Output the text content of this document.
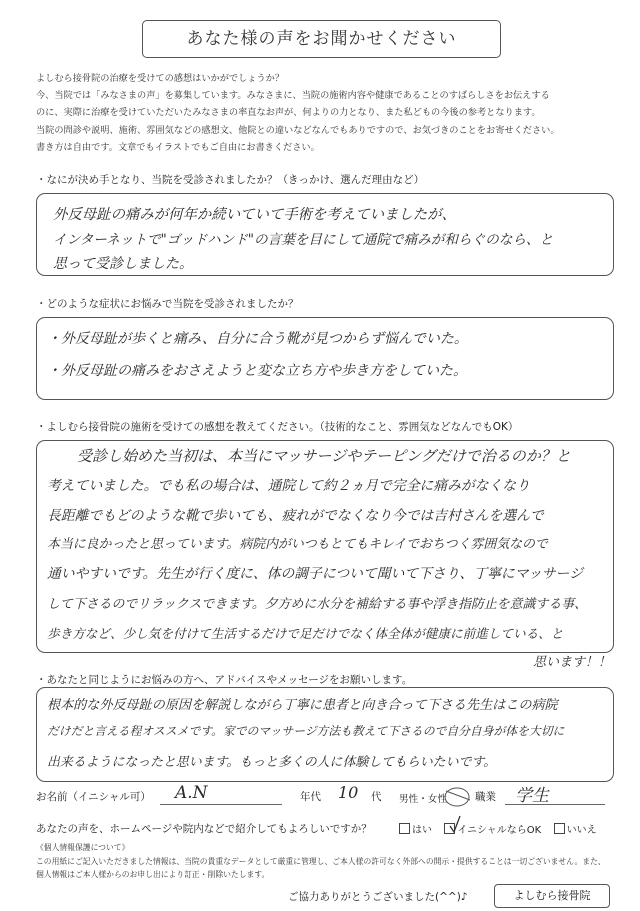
あなた様の声をお聞かせください
よしむら接骨院の治療を受けての感想はいかがでしょうか？
今、当院では「みなさまの声」を募集しています。みなさまに、当院の施術内容や健康であることのすばらしさをお伝えする
のに、実際に治療を受けていただいたみなさまの率直なお声が、何よりの力となり、また私どもの今後の参考となります。
当院の問診や説明、施術、雰囲気などの感想文、他院との違いなどなんでもありですので、お気づきのことをお寄せください。
書き方は自由です。文章でもイラストでもご自由にお書きください。
・なにが決め手となり、当院を受診されましたか？（きっかけ、選んだ理由など）
外反母趾の痛みが何年か続いていて手術を考えていましたが、
インターネットで"ゴッドハンド"の言葉を目にして通院で痛みが和らぐのなら、と
思って受診しました。
・どのような症状にお悩みで当院を受診されましたか？
・外反母趾が歩くと痛み、自分に合う靴が見つからず悩んでいた。
・外反母趾の痛みをおさえようと変な立ち方や歩き方をしていた。
・よしむら接骨院の施術を受けての感想を教えてください。（技術的なこと、雰囲気などなんでもOK）
受診し始めた当初は、本当にマッサージやテーピングだけで治るのか？と
考えていました。でも私の場合は、通院して約２ヵ月で完全に痛みがなくなり
長距離でもどのような靴で歩いても、疲れがでなくなり今では吉村さんを選んで
本当に良かったと思っています。病院内がいつもとてもキレイでおちつく雰囲気なので
通いやすいです。先生が行く度に、体の調子について聞いて下さり、丁寧にマッサージ
して下さるのでリラックスできます。夕方めに水分を補給する事や浮き指防止を意識する事、
歩き方など、少し気を付けて生活するだけで足だけでなく体全体が健康に前進している、と
思います！！
・あなたと同じようにお悩みの方へ、アドバイスやメッセージをお願いします。
根本的な外反母趾の原因を解説しながら丁寧に患者と向き合って下さる先生はこの病院
だけだと言える程オススメです。家でのマッサージ方法も教えて下さるので自分自身が体を大切に
出来るようになったと思います。もっと多くの人に体験してもらいたいです。
お名前（イニシャル可） A.N	年代 10 代 男性・女性	職業 学生
あなたの声を、ホームページや院内などで紹介してもよろしいですか？	はい	イニシャルならOK	いいえ
《個人情報保護について》
この用紙にご記入いただきました情報は、当院の貴重なデータとして厳重に管理し、ご本人様の許可なく外部への開示・提供することは一切ございません。また、
個人情報はご本人様からのお申し出により訂正・削除いたします。
ご協力ありがとうございました(^^)♪	よしむら接骨院
